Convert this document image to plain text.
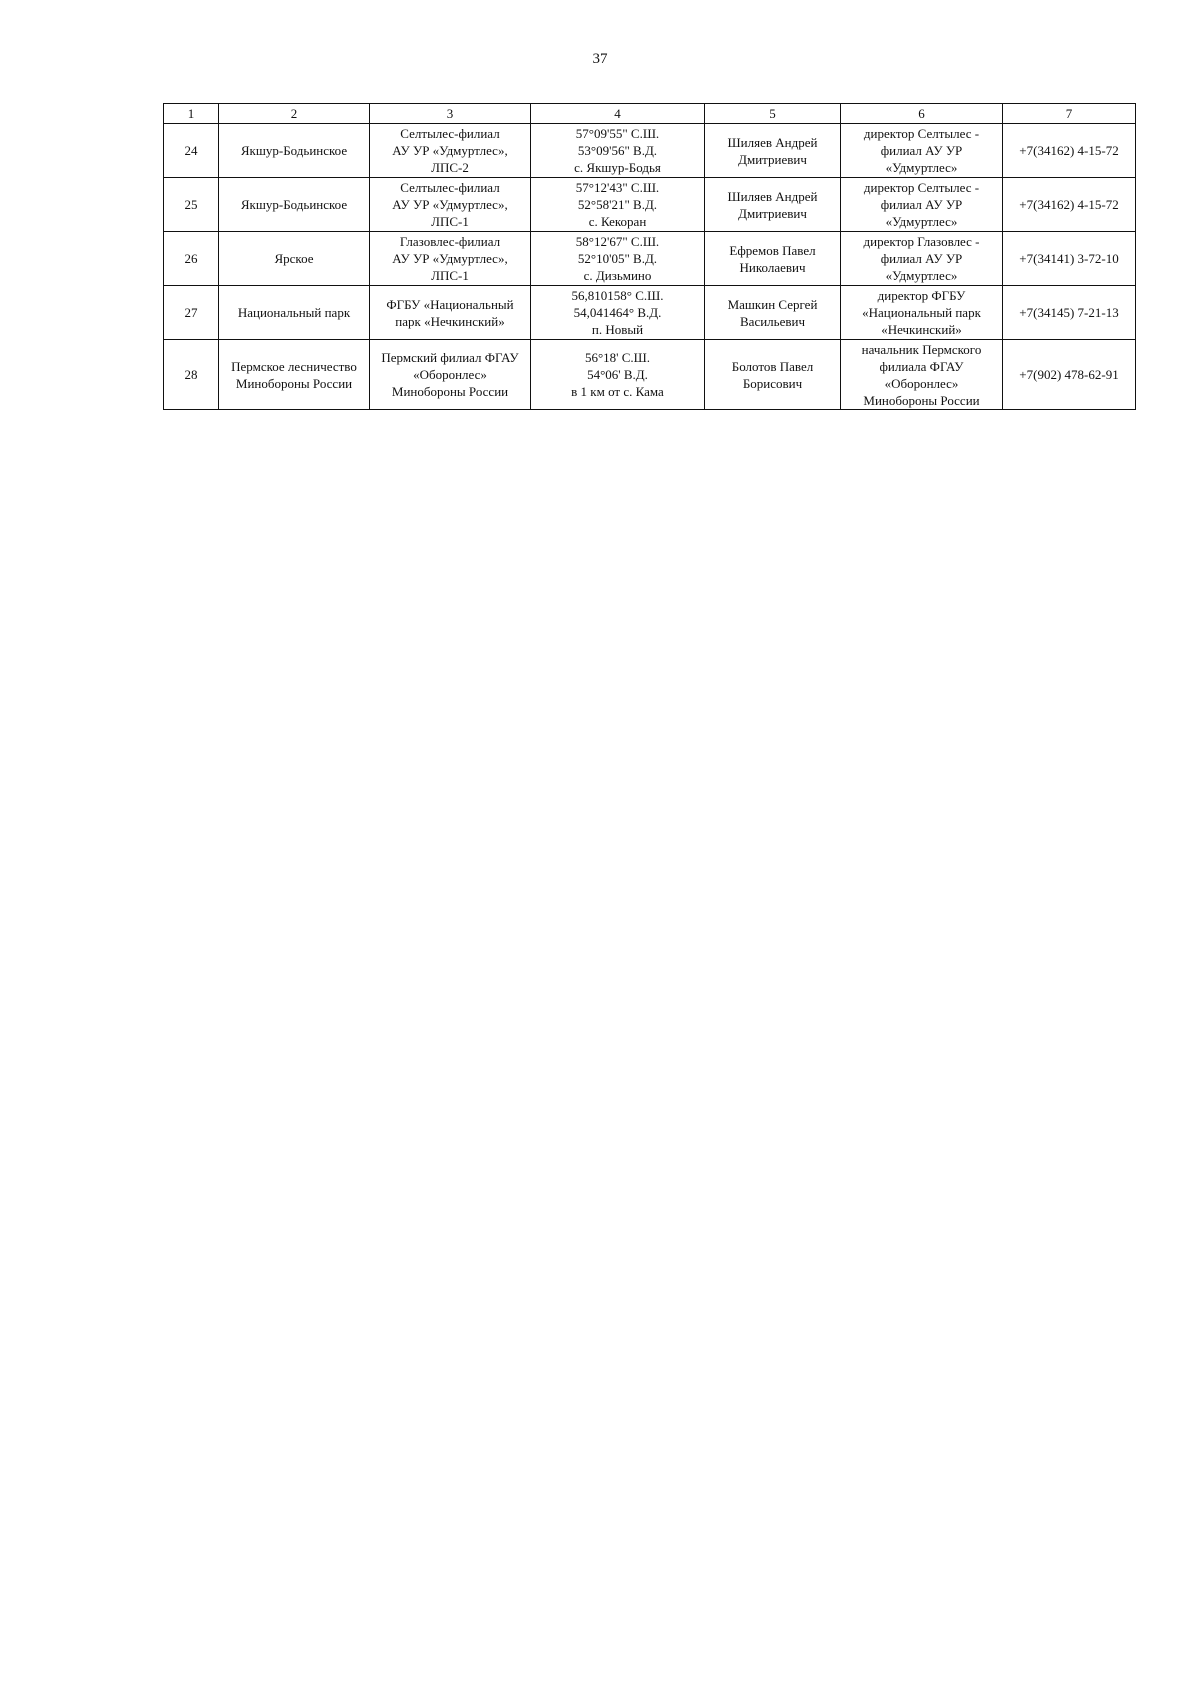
37
1	2	3	4	5	6	7
24	Якшур-Бодьинское	Селтылес-филиал
АУ УР «Удмуртлес»,
ЛПС-2	57°09'55" С.Ш.
53°09'56" В.Д.
с. Якшур-Бодья	Шиляев Андрей
Дмитриевич	директор Селтылес -
филиал АУ УР
«Удмуртлес»	+7(34162) 4-15-72

25	Якшур-Бодьинское	Селтылес-филиал
АУ УР «Удмуртлес»,
ЛПС-1	57°12'43" С.Ш.
52°58'21" В.Д.
с. Кекоран	Шиляев Андрей
Дмитриевич	директор Селтылес -
филиал АУ УР
«Удмуртлес»	+7(34162) 4-15-72

26	Ярское	Глазовлес-филиал
АУ УР «Удмуртлес»,
ЛПС-1	58°12'67" С.Ш.
52°10'05" В.Д.
с. Дизьмино	Ефремов Павел
Николаевич	директор Глазовлес -
филиал АУ УР
«Удмуртлес»	+7(34141) 3-72-10

27	Национальный парк	ФГБУ «Национальный
парк «Нечкинский»	56,810158° С.Ш.
54,041464° В.Д.
п. Новый	Машкин Сергей
Васильевич	директор ФГБУ
«Национальный парк
«Нечкинский»	+7(34145) 7-21-13

28	Пермское лесничество
Минобороны России	Пермский филиал ФГАУ
«Оборонлес»
Минобороны России	56°18' С.Ш.
54°06' В.Д.
в 1 км от с. Кама	Болотов Павел
Борисович	начальник Пермского
филиала ФГАУ
«Оборонлес»
Минобороны России	+7(902) 478-62-91
